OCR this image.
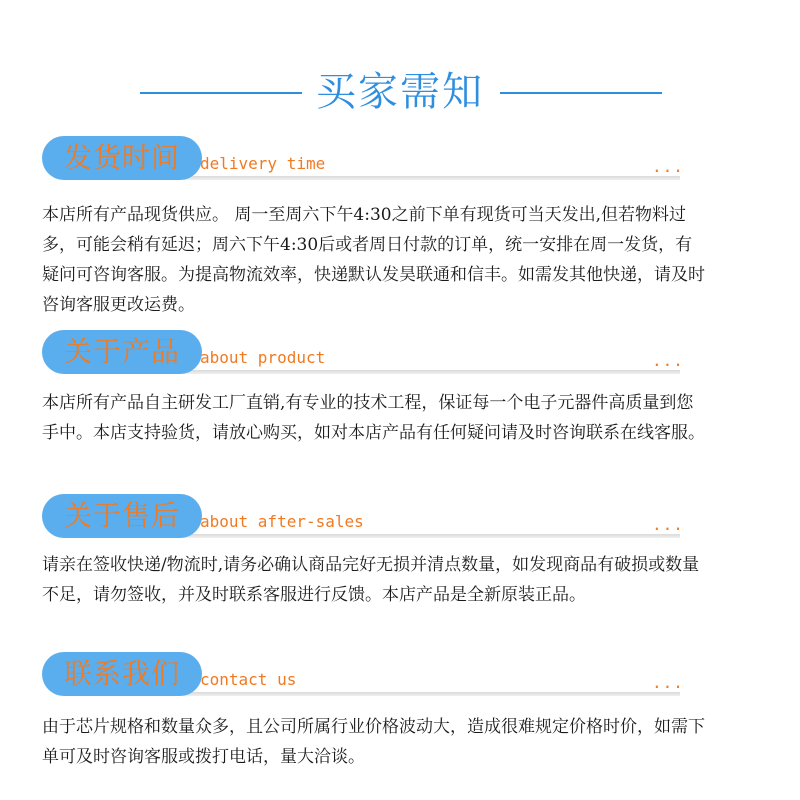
买家需知
发货时间	delivery time	...
本店所有产品现货供应。 周一至周六下午4:30之前下单有现货可当天发出,但若物料过多，可能会稍有延迟；周六下午4:30后或者周日付款的订单，统一安排在周一发货，有疑问可咨询客服。为提高物流效率，快递默认发昊联通和信丰。如需发其他快递，请及时咨询客服更改运费。
关于产品	about product	...
本店所有产品自主研发工厂直销,有专业的技术工程，保证每一个电子元器件高质量到您手中。本店支持验货，请放心购买，如对本店产品有任何疑问请及时咨询联系在线客服。
关于售后	about after-sales	...
请亲在签收快递/物流时,请务必确认商品完好无损并清点数量，如发现商品有破损或数量不足，请勿签收，并及时联系客服进行反馈。本店产品是全新原装正品。
联系我们	contact us	...
由于芯片规格和数量众多，且公司所属行业价格波动大，造成很难规定价格时价，如需下单可及时咨询客服或拨打电话，量大洽谈。
